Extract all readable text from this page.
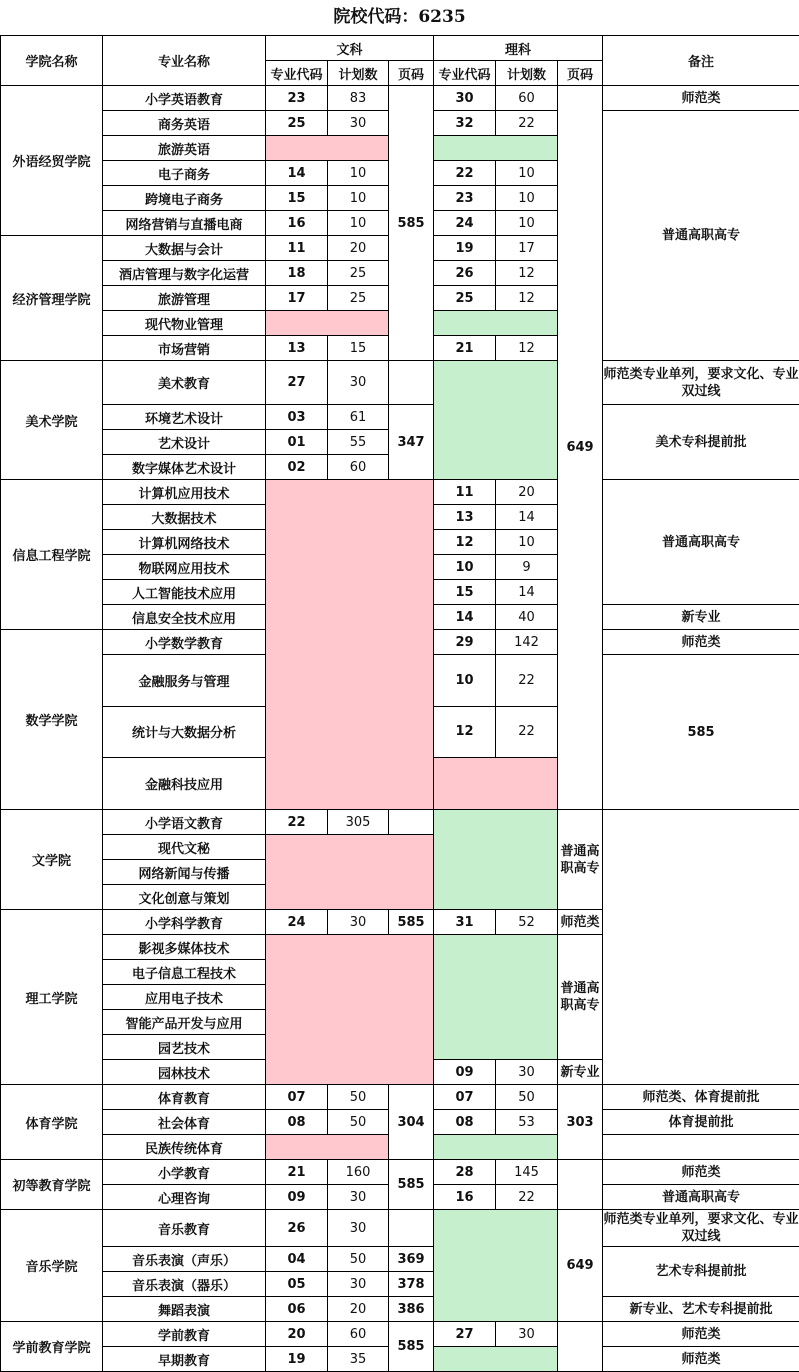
院校代码：6235
学院名称	专业名称	文科			理科			备注	
		专业代码	计划数	页码	专业代码	计划数	页码		
外语经贸学院	小学英语教育	23	83	585	30	60	649	师范类	
	商务英语	25	30		32	22		普通高职高专	
	旅游英语								
	电子商务	14	10		22	10			
	跨境电子商务	15	10		23	10			
	网络营销与直播电商	16	10		24	10			
经济管理学院	大数据与会计	11	20		19	17			
	酒店管理与数字化运营	18	25		26	12			
	旅游管理	17	25		25	12			
	现代物业管理								
	市场营销	13	15		21	12			
美术学院	美术教育	27	30					师范类专业单列，要求文化、专业双过线	
	环境艺术设计	03	61	347				美术专科提前批	
	艺术设计	01	55						
	数字媒体艺术设计	02	60						
信息工程学院	计算机应用技术				11	20		普通高职高专	
	大数据技术				13	14			
	计算机网络技术				12	10			
	物联网应用技术				10	9			
	人工智能技术应用				15	14			
	信息安全技术应用				14	40		新专业	
数学学院	小学数学教育				29	142		师范类	
	金融服务与管理				10	22		585			
	统计与大数据分析				12	22		
	金融科技应用				
文学院	小学语文教育	22	305				普通高职高专		
	现代文秘								
	网络新闻与传播								
	文化创意与策划								
理工学院	小学科学教育	24	30	585	31	52	师范类		
	影视多媒体技术						普通高职高专		
	电子信息工程技术								
	应用电子技术								
	智能产品开发与应用								
	园艺技术								
	园林技术				09	30	新专业		
体育学院	体育教育	07	50	304	07	50	303	师范类、体育提前批	
	社会体育	08	50		08	53		体育提前批	
	民族传统体育								
初等教育学院	小学教育	21	160	585	28	145		师范类	
	心理咨询	09	30		16	22		普通高职高专	
音乐学院	音乐教育	26	30				649	师范类专业单列，要求文化、专业双过线	
	音乐表演（声乐）	04	50	369				艺术专科提前批	
	音乐表演（器乐）	05	30	378					
	舞蹈表演	06	20	386				新专业、艺术专科提前批	
学前教育学院	学前教育	20	60	585	27	30		师范类	
	早期教育	19	35					师范类	
